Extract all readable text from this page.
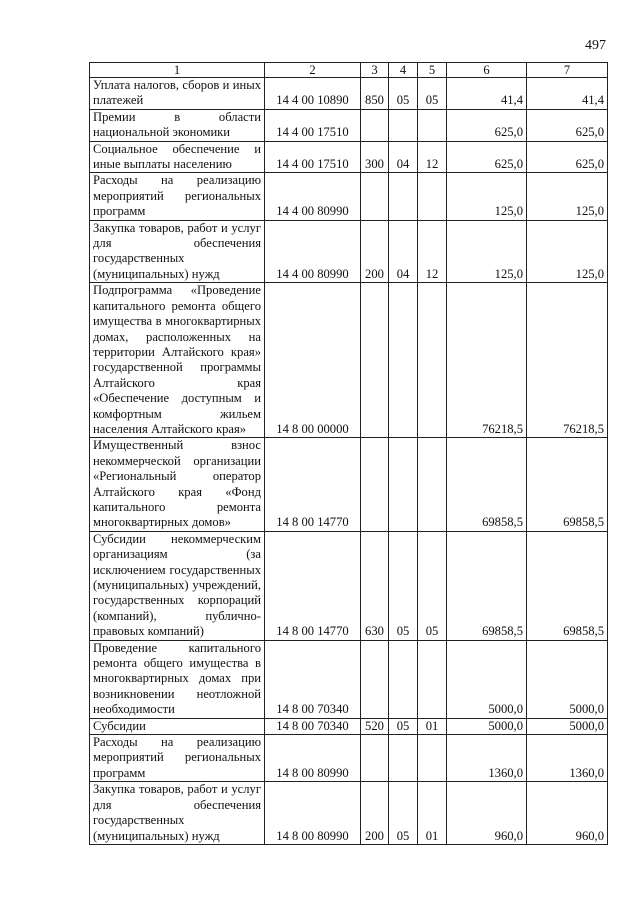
497
1	2	3	4	5	6	7
Уплата налогов, сборов и иных платежей	14 4 00 10890	850	05	05	41,4	41,4
Премии в области национальной экономики	14 4 00 17510				625,0	625,0
Социальное обеспечение и иные выплаты населению	14 4 00 17510	300	04	12	625,0	625,0
Расходы на реализацию мероприятий региональных программ	14 4 00 80990				125,0	125,0
Закупка товаров, работ и услуг для обеспечения государственных (муниципальных) нужд	14 4 00 80990	200	04	12	125,0	125,0
Подпрограмма «Проведение капитального ремонта общего имущества в многоквартирных домах, расположенных на территории Алтайского края» государственной программы Алтайского края «Обеспечение доступным и комфортным жильем населения Алтайского края»	14 8 00 00000				76218,5	76218,5
Имущественный взнос некоммерческой организации «Региональный оператор Алтайского края «Фонд капитального ремонта многоквартирных домов»	14 8 00 14770				69858,5	69858,5
Субсидии некоммерческим организациям (за исключением государственных (муниципальных) учреждений, государственных корпораций (компаний), публично-правовых компаний)	14 8 00 14770	630	05	05	69858,5	69858,5
Проведение капитального ремонта общего имущества в многоквартирных домах при возникновении неотложной необходимости	14 8 00 70340				5000,0	5000,0
Субсидии	14 8 00 70340	520	05	01	5000,0	5000,0
Расходы на реализацию мероприятий региональных программ	14 8 00 80990				1360,0	1360,0
Закупка товаров, работ и услуг для обеспечения государственных (муниципальных) нужд	14 8 00 80990	200	05	01	960,0	960,0
